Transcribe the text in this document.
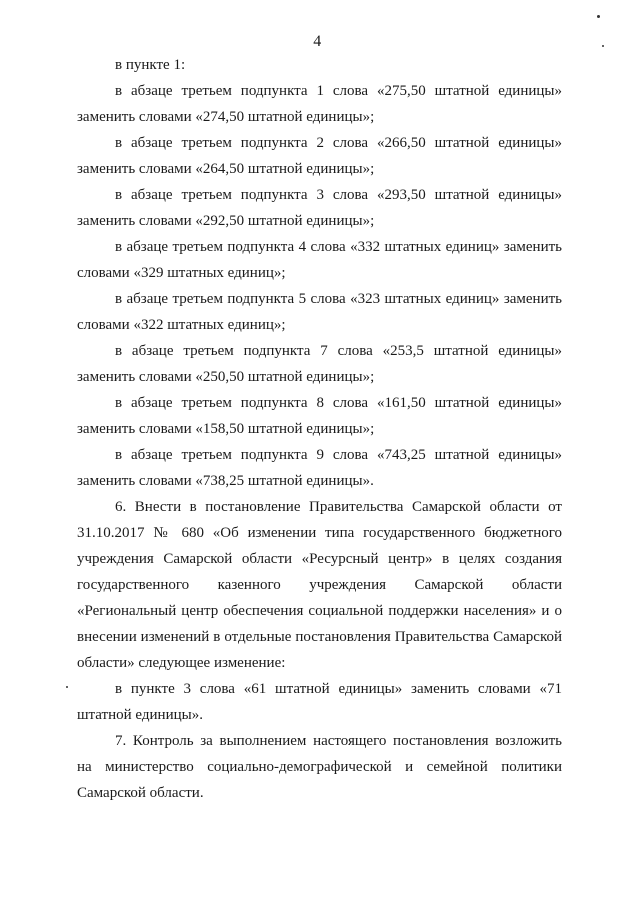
4

в пункте 1:

в абзаце третьем подпункта 1 слова «275,50 штатной единицы» заменить словами «274,50 штатной единицы»;

в абзаце третьем подпункта 2 слова «266,50 штатной единицы» заменить словами «264,50 штатной единицы»;

в абзаце третьем подпункта 3 слова «293,50 штатной единицы» заменить словами «292,50 штатной единицы»;

в абзаце третьем подпункта 4 слова «332 штатных единиц» заменить словами «329 штатных единиц»;

в абзаце третьем подпункта 5 слова «323 штатных единиц» заменить словами «322 штатных единиц»;

в абзаце третьем подпункта 7 слова «253,5 штатной единицы» заменить словами «250,50 штатной единицы»;

в абзаце третьем подпункта 8 слова «161,50 штатной единицы» заменить словами «158,50 штатной единицы»;

в абзаце третьем подпункта 9 слова «743,25 штатной единицы» заменить словами «738,25 штатной единицы».

6. Внести в постановление Правительства Самарской области от 31.10.2017 № 680 «Об изменении типа государственного бюджетного учреждения Самарской области «Ресурсный центр» в целях создания государственного казенного учреждения Самарской области «Региональный центр обеспечения социальной поддержки населения» и о внесении изменений в отдельные постановления Правительства Самарской области» следующее изменение:

в пункте 3 слова «61 штатной единицы» заменить словами «71 штатной единицы».

7. Контроль за выполнением настоящего постановления возложить на министерство социально-демографической и семейной политики Самарской области.
